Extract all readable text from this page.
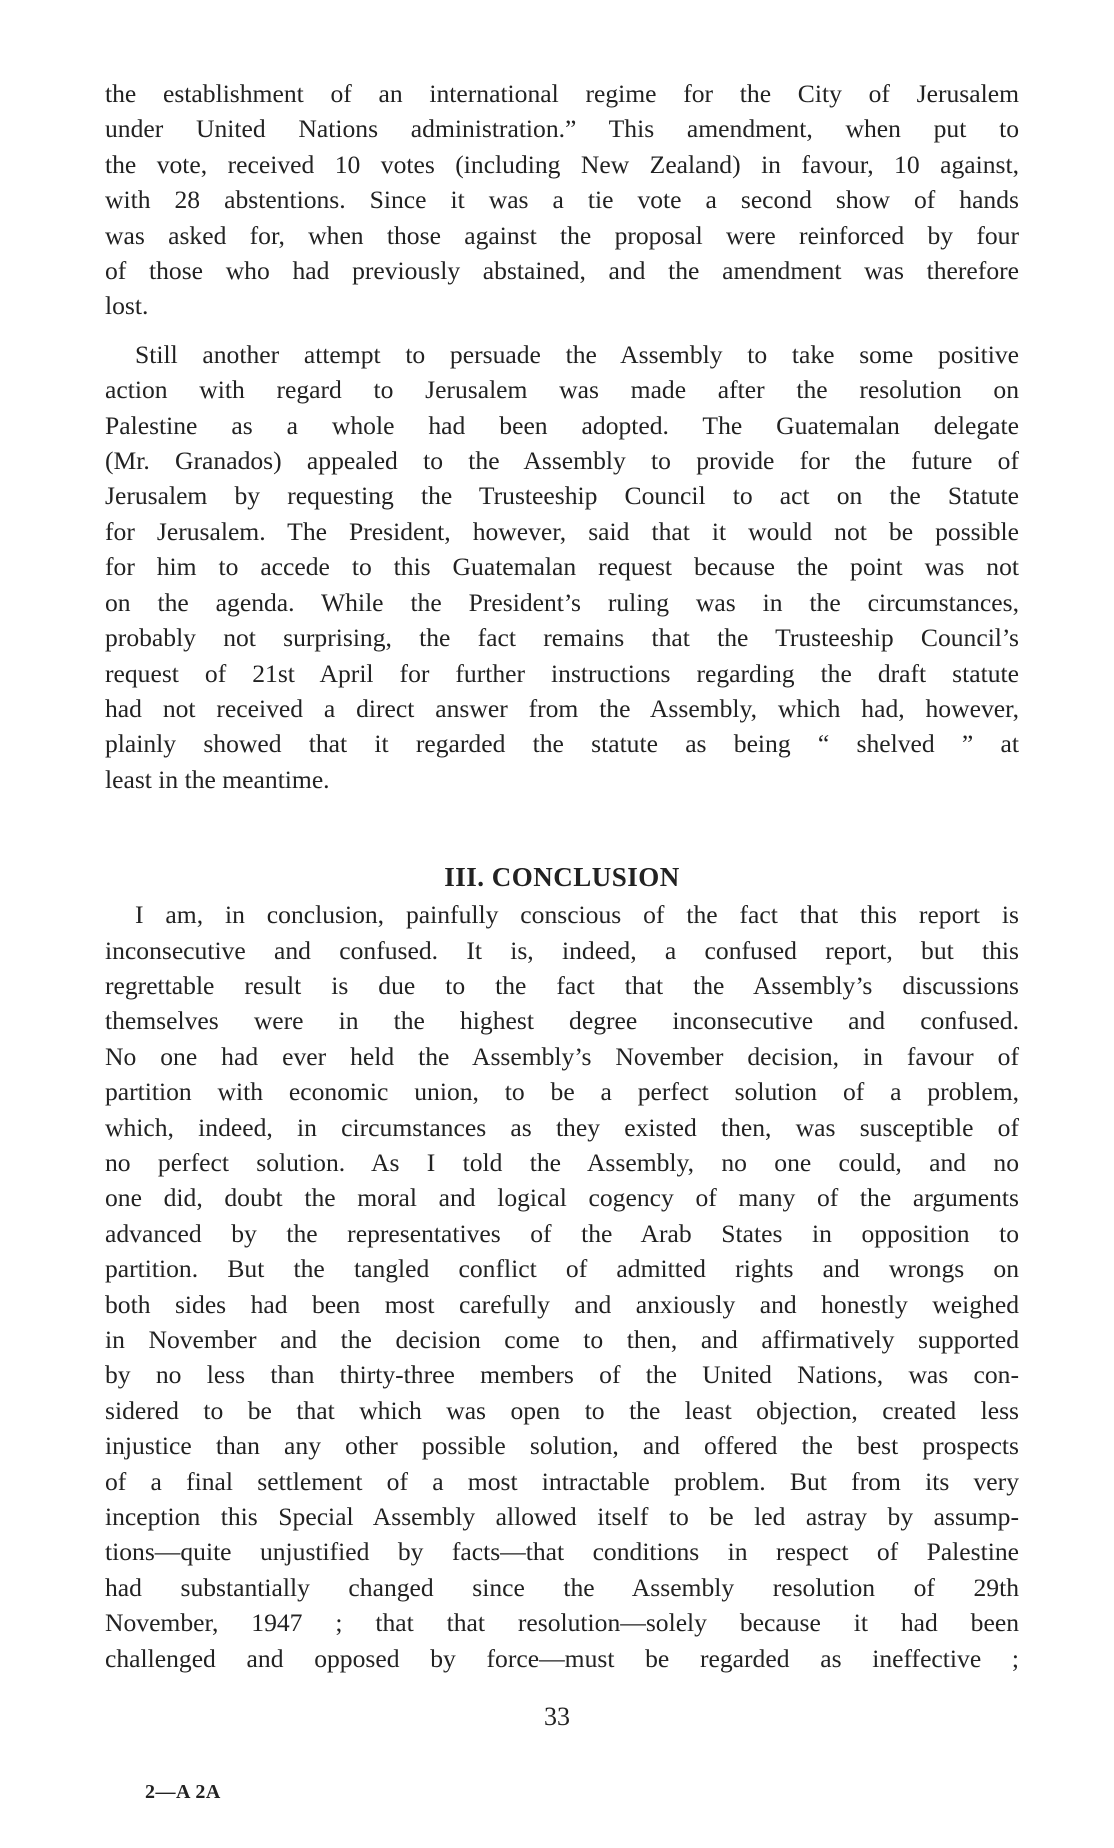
the establishment of an international regime for the City of Jerusalem
under United Nations administration.” This amendment, when put to
the vote, received 10 votes (including New Zealand) in favour, 10 against,
with 28 abstentions. Since it was a tie vote a second show of hands
was asked for, when those against the proposal were reinforced by four
of those who had previously abstained, and the amendment was therefore
lost.
Still another attempt to persuade the Assembly to take some positive
action with regard to Jerusalem was made after the resolution on
Palestine as a whole had been adopted. The Guatemalan delegate
(Mr. Granados) appealed to the Assembly to provide for the future of
Jerusalem by requesting the Trusteeship Council to act on the Statute
for Jerusalem. The President, however, said that it would not be possible
for him to accede to this Guatemalan request because the point was not
on the agenda. While the President’s ruling was in the circumstances,
probably not surprising, the fact remains that the Trusteeship Council’s
request of 21st April for further instructions regarding the draft statute
had not received a direct answer from the Assembly, which had, however,
plainly showed that it regarded the statute as being “ shelved ” at
least in the meantime.
III. CONCLUSION
I am, in conclusion, painfully conscious of the fact that this report is
inconsecutive and confused. It is, indeed, a confused report, but this
regrettable result is due to the fact that the Assembly’s discussions
themselves were in the highest degree inconsecutive and confused.
No one had ever held the Assembly’s November decision, in favour of
partition with economic union, to be a perfect solution of a problem,
which, indeed, in circumstances as they existed then, was susceptible of
no perfect solution. As I told the Assembly, no one could, and no
one did, doubt the moral and logical cogency of many of the arguments
advanced by the representatives of the Arab States in opposition to
partition. But the tangled conflict of admitted rights and wrongs on
both sides had been most carefully and anxiously and honestly weighed
in November and the decision come to then, and affirmatively supported
by no less than thirty-three members of the United Nations, was con-
sidered to be that which was open to the least objection, created less
injustice than any other possible solution, and offered the best prospects
of a final settlement of a most intractable problem. But from its very
inception this Special Assembly allowed itself to be led astray by assump-
tions—quite unjustified by facts—that conditions in respect of Palestine
had substantially changed since the Assembly resolution of 29th
November, 1947 ; that that resolution—solely because it had been
challenged and opposed by force—must be regarded as ineffective ;
33
2—A 2A
